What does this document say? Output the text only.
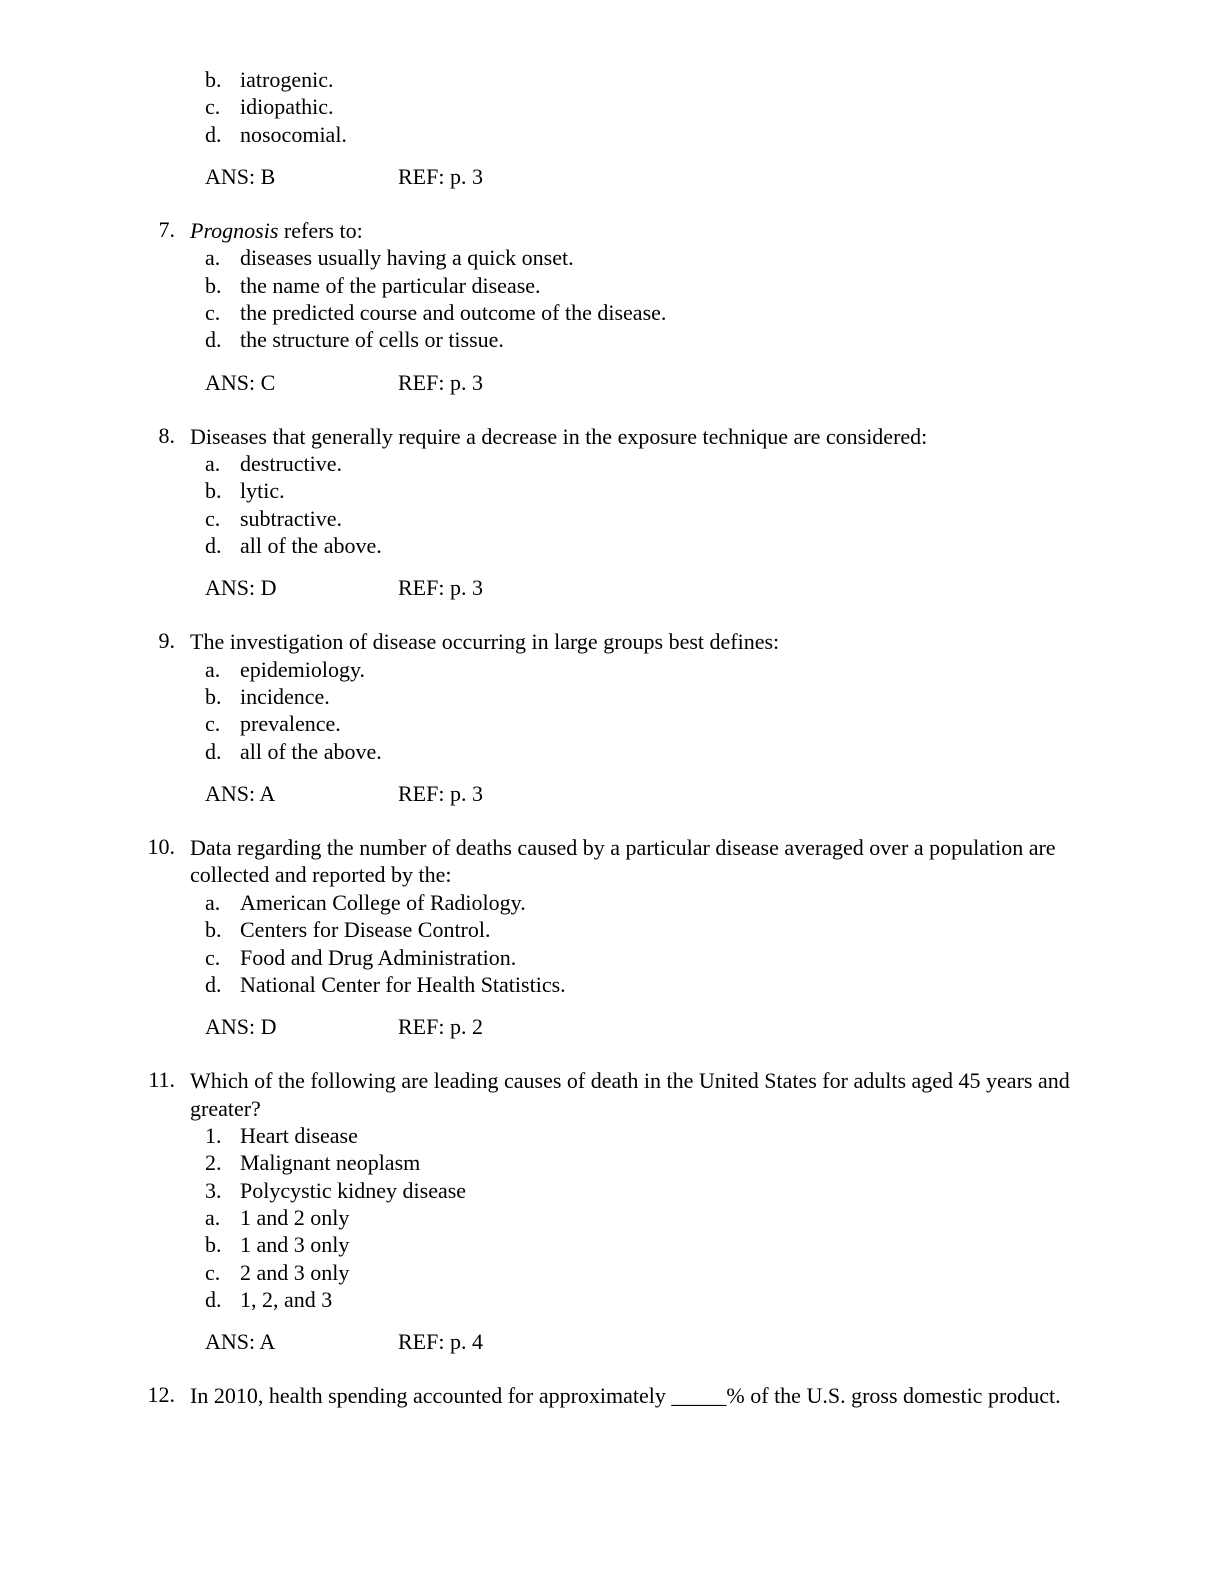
b. iatrogenic.
c. idiopathic.
d. nosocomial.
ANS: B	REF: p. 3
7. Prognosis refers to:
a. diseases usually having a quick onset.
b. the name of the particular disease.
c. the predicted course and outcome of the disease.
d. the structure of cells or tissue.
ANS: C	REF: p. 3
8. Diseases that generally require a decrease in the exposure technique are considered:
a. destructive.
b. lytic.
c. subtractive.
d. all of the above.
ANS: D	REF: p. 3
9. The investigation of disease occurring in large groups best defines:
a. epidemiology.
b. incidence.
c. prevalence.
d. all of the above.
ANS: A	REF: p. 3
10. Data regarding the number of deaths caused by a particular disease averaged over a population are collected and reported by the:
a. American College of Radiology.
b. Centers for Disease Control.
c. Food and Drug Administration.
d. National Center for Health Statistics.
ANS: D	REF: p. 2
11. Which of the following are leading causes of death in the United States for adults aged 45 years and greater?
1. Heart disease
2. Malignant neoplasm
3. Polycystic kidney disease
a. 1 and 2 only
b. 1 and 3 only
c. 2 and 3 only
d. 1, 2, and 3
ANS: A	REF: p. 4
12. In 2010, health spending accounted for approximately _____% of the U.S. gross domestic product.
